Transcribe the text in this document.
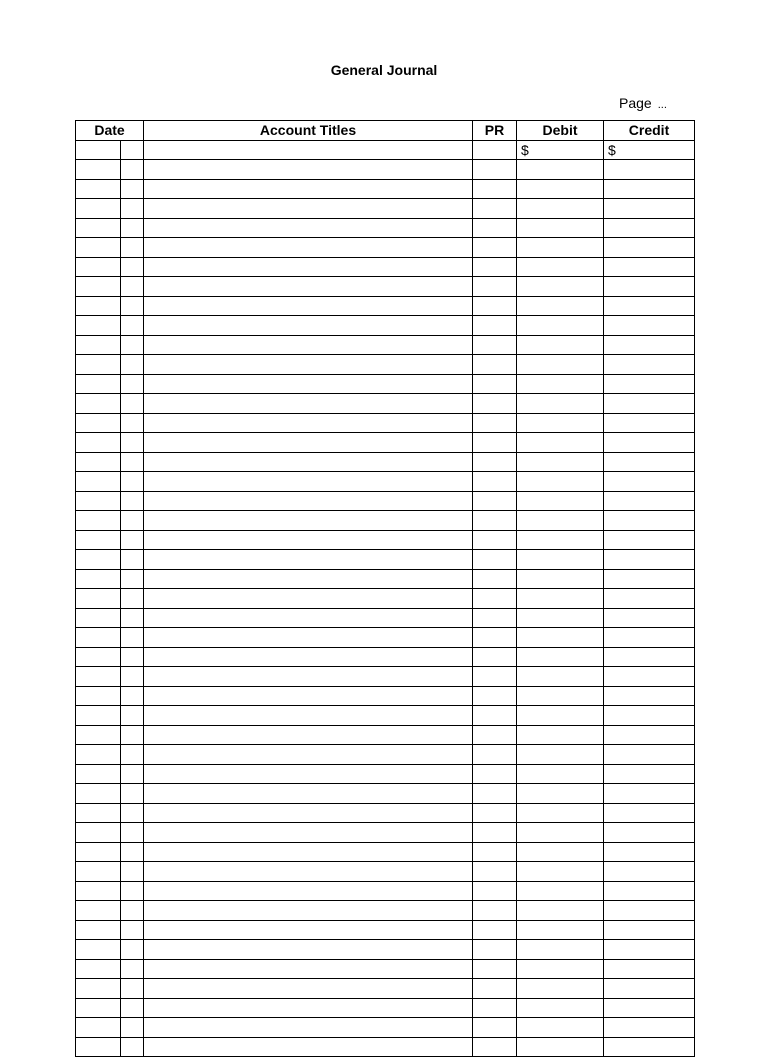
General Journal
Page ...
Date		Account Titles	PR	Debit	Credit
				$	$
